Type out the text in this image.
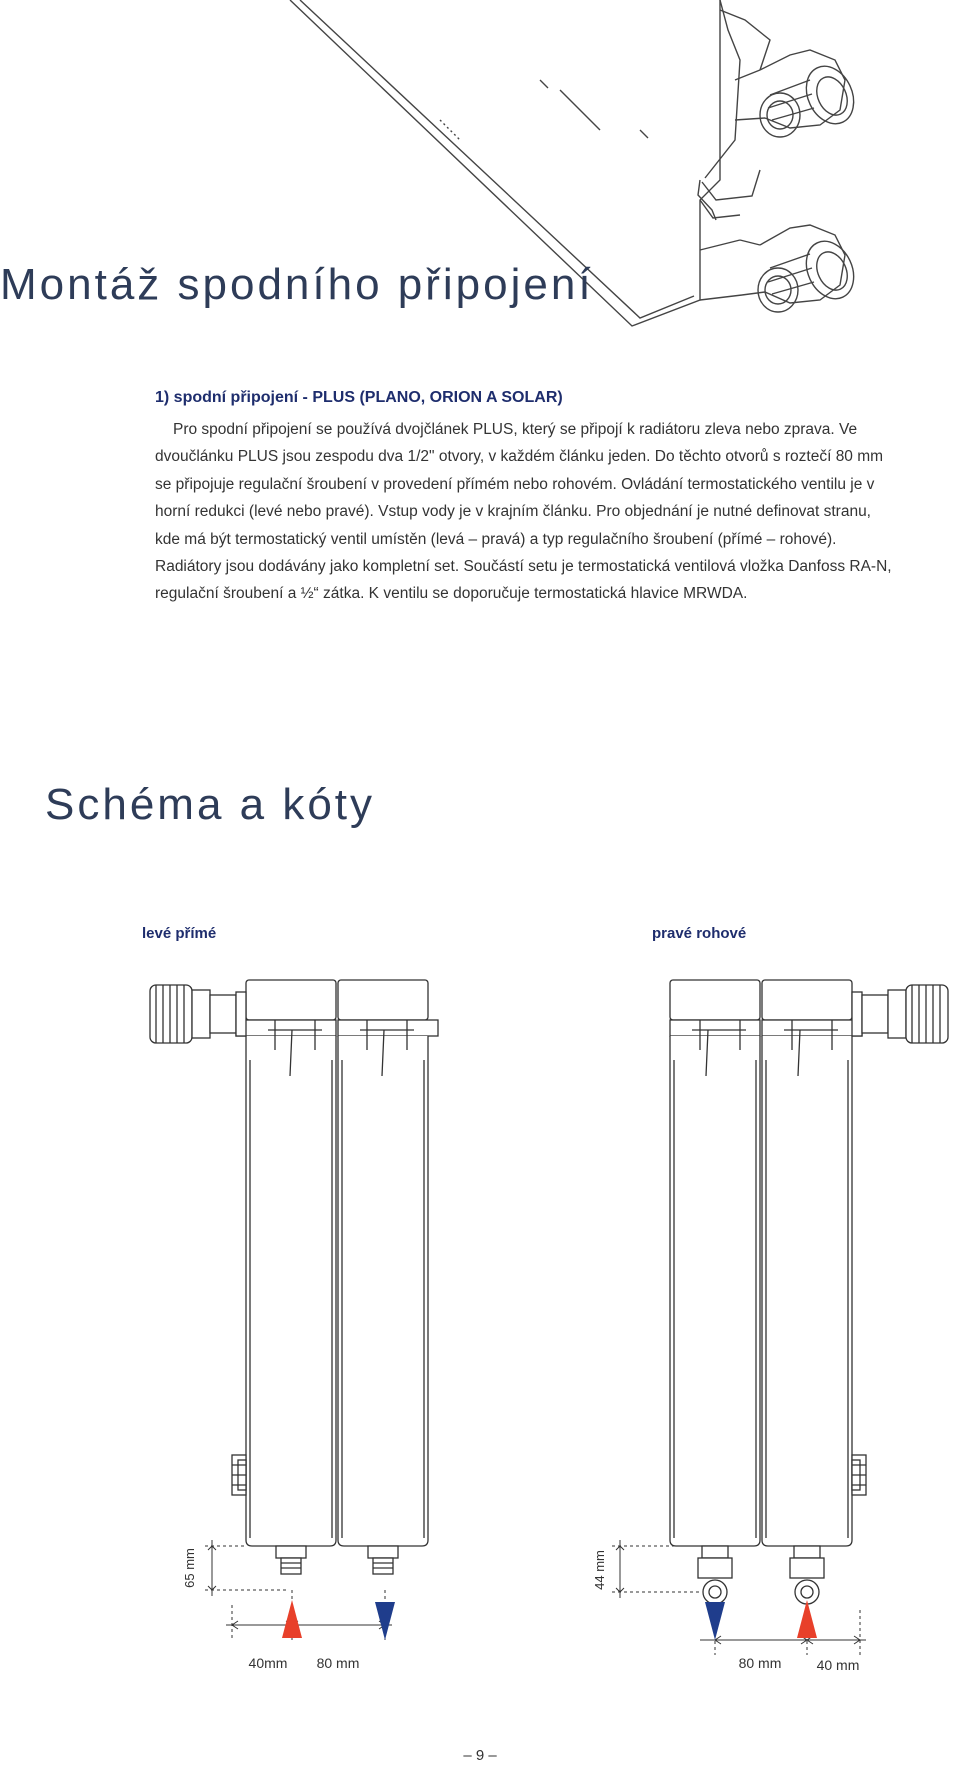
Montáž spodního připojení

1) spodní připojení - PLUS (PLANO, ORION A SOLAR)

Pro spodní připojení se používá dvojčlánek PLUS, který se připojí k radiátoru zleva nebo zprava. Ve dvoučlánku PLUS jsou zespodu dva 1/2" otvory, v každém článku jeden. Do těchto otvorů s roztečí 80 mm se připojuje regulační šroubení v provedení přímém nebo rohovém. Ovládání termostatického ventilu je v horní redukci (levé nebo pravé). Vstup vody je v krajním článku. Pro objednání je nutné definovat stranu, kde má být termostatický ventil umístěn (levá – pravá) a typ regulačního šroubení (přímé – rohové). Radiátory jsou dodávány jako kompletní set. Součástí setu je termostatická ventilová vložka Danfoss RA-N, regulační šroubení a ½“ zátka. K ventilu se doporučuje termostatická hlavice MRWDA.

Schéma a kóty
levé přímé	pravé rohové
65 mm
40mm 80 mm
44 mm
80 mm	40 mm
– 9 –
